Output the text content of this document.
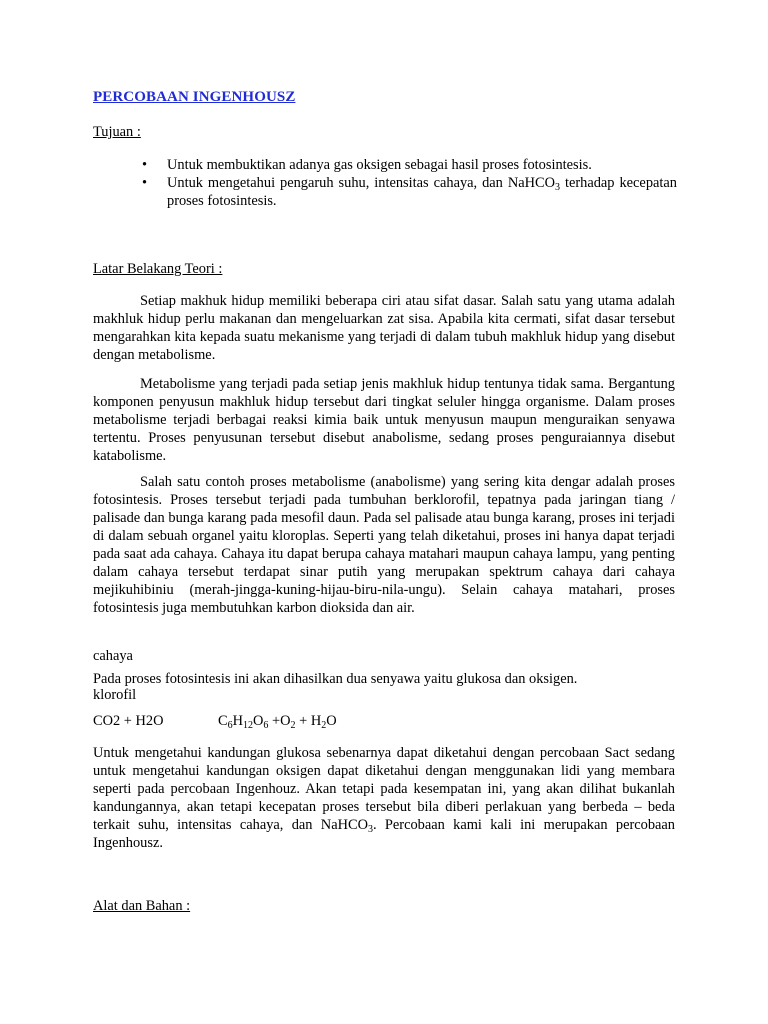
PERCOBAAN INGENHOUSZ
Tujuan :
• Untuk membuktikan adanya gas oksigen sebagai hasil proses fotosintesis.
• Untuk mengetahui pengaruh suhu, intensitas cahaya, dan NaHCO$_3$ terhadap kecepatan proses fotosintesis.
Latar Belakang Teori :

Setiap makhuk hidup memiliki beberapa ciri atau sifat dasar. Salah satu yang utama adalah makhluk hidup perlu makanan dan mengeluarkan zat sisa. Apabila kita cermati, sifat dasar tersebut mengarahkan kita kepada suatu mekanisme yang terjadi di dalam tubuh makhluk hidup yang disebut dengan metabolisme.

Metabolisme yang terjadi pada setiap jenis makhluk hidup tentunya tidak sama. Bergantung komponen penyusun makhluk hidup tersebut dari tingkat seluler hingga organisme. Dalam proses metabolisme terjadi berbagai reaksi kimia baik untuk menyusun maupun menguraikan senyawa tertentu. Proses penyusunan tersebut disebut anabolisme, sedang proses penguraiannya disebut katabolisme.

Salah satu contoh proses metabolisme (anabolisme) yang sering kita dengar adalah proses fotosintesis. Proses tersebut terjadi pada tumbuhan berklorofil, tepatnya pada jaringan tiang / palisade dan bunga karang pada mesofil daun. Pada sel palisade atau bunga karang, proses ini terjadi di dalam sebuah organel yaitu kloroplas. Seperti yang telah diketahui, proses ini hanya dapat terjadi pada saat ada cahaya. Cahaya itu dapat berupa cahaya matahari maupun cahaya lampu, yang penting dalam cahaya tersebut terdapat sinar putih yang merupakan spektrum cahaya dari cahaya mejikuhibiniu (merah-jingga-kuning-hijau-biru-nila-ungu). Selain cahaya matahari, proses fotosintesis juga membutuhkan karbon dioksida dan air.

cahaya
Pada proses fotosintesis ini akan dihasilkan dua senyawa yaitu glukosa dan oksigen.
klorofil
CO2 + H2O	$C_6H_{12}O_6 +O_2 + H_2O$

Untuk mengetahui kandungan glukosa sebenarnya dapat diketahui dengan percobaan Sact sedang untuk mengetahui kandungan oksigen dapat diketahui dengan menggunakan lidi yang membara seperti pada percobaan Ingenhouz. Akan tetapi pada kesempatan ini, yang akan dilihat bukanlah kandungannya, akan tetapi kecepatan proses tersebut bila diberi perlakuan yang berbeda – beda terkait suhu, intensitas cahaya, dan NaHCO$_3$. Percobaan kami kali ini merupakan percobaan Ingenhousz.

Alat dan Bahan :
